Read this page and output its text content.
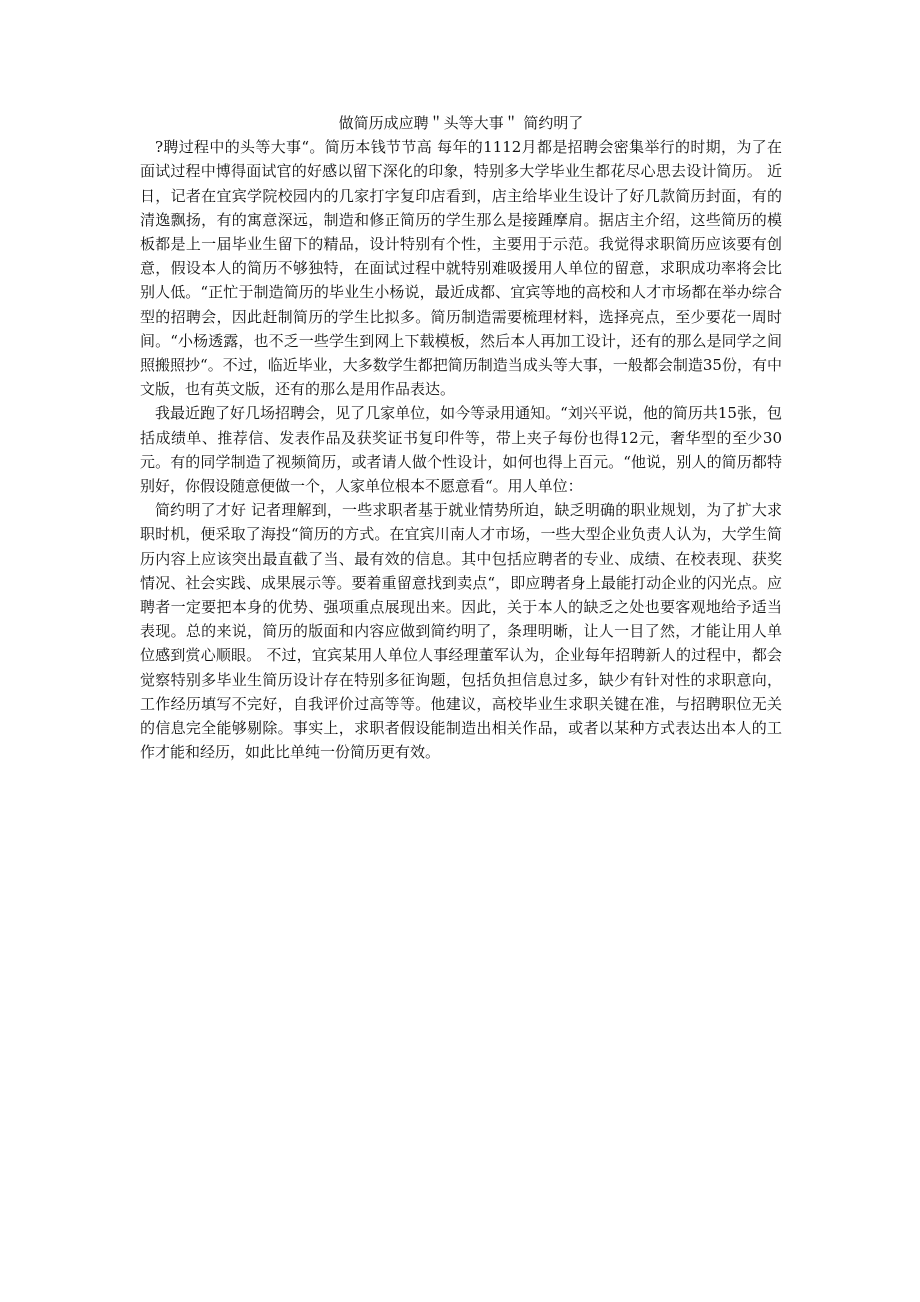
做简历成应聘＂头等大事＂ 简约明了

?聘过程中的头等大事“。简历本钱节节高 每年的1112月都是招聘会密集举行的时期，为了在面试过程中博得面试官的好感以留下深化的印象，特别多大学毕业生都花尽心思去设计简历。 近日，记者在宜宾学院校园内的几家打字复印店看到，店主给毕业生设计了好几款简历封面，有的清逸飘扬，有的寓意深远，制造和修正简历的学生那么是接踵摩肩。据店主介绍，这些简历的模板都是上一届毕业生留下的精品，设计特别有个性，主要用于示范。我觉得求职简历应该要有创意，假设本人的简历不够独特，在面试过程中就特别难吸援用人单位的留意，求职成功率将会比别人低。“正忙于制造简历的毕业生小杨说，最近成都、宜宾等地的高校和人才市场都在举办综合型的招聘会，因此赶制简历的学生比拟多。简历制造需要梳理材料，选择亮点，至少要花一周时间。“小杨透露，也不乏一些学生到网上下载模板，然后本人再加工设计，还有的那么是同学之间照搬照抄“。不过，临近毕业，大多数学生都把简历制造当成头等大事，一般都会制造35份，有中文版，也有英文版，还有的那么是用作品表达。

我最近跑了好几场招聘会，见了几家单位，如今等录用通知。“刘兴平说，他的简历共15张，包括成绩单、推荐信、发表作品及获奖证书复印件等，带上夹子每份也得12元，奢华型的至少30元。有的同学制造了视频简历，或者请人做个性设计，如何也得上百元。“他说，别人的简历都特别好，你假设随意便做一个，人家单位根本不愿意看“。用人单位：

简约明了才好 记者理解到，一些求职者基于就业情势所迫，缺乏明确的职业规划，为了扩大求职时机，便采取了海投“简历的方式。在宜宾川南人才市场，一些大型企业负责人认为，大学生简历内容上应该突出最直截了当、最有效的信息。其中包括应聘者的专业、成绩、在校表现、获奖情况、社会实践、成果展示等。要着重留意找到卖点“，即应聘者身上最能打动企业的闪光点。应聘者一定要把本身的优势、强项重点展现出来。因此，关于本人的缺乏之处也要客观地给予适当表现。总的来说，简历的版面和内容应做到简约明了，条理明晰，让人一目了然，才能让用人单位感到赏心顺眼。 不过，宜宾某用人单位人事经理董军认为，企业每年招聘新人的过程中，都会觉察特别多毕业生简历设计存在特别多征询题，包括负担信息过多，缺少有针对性的求职意向，工作经历填写不完好，自我评价过高等等。他建议，高校毕业生求职关键在准，与招聘职位无关的信息完全能够剔除。事实上，求职者假设能制造出相关作品，或者以某种方式表达出本人的工作才能和经历，如此比单纯一份简历更有效。
